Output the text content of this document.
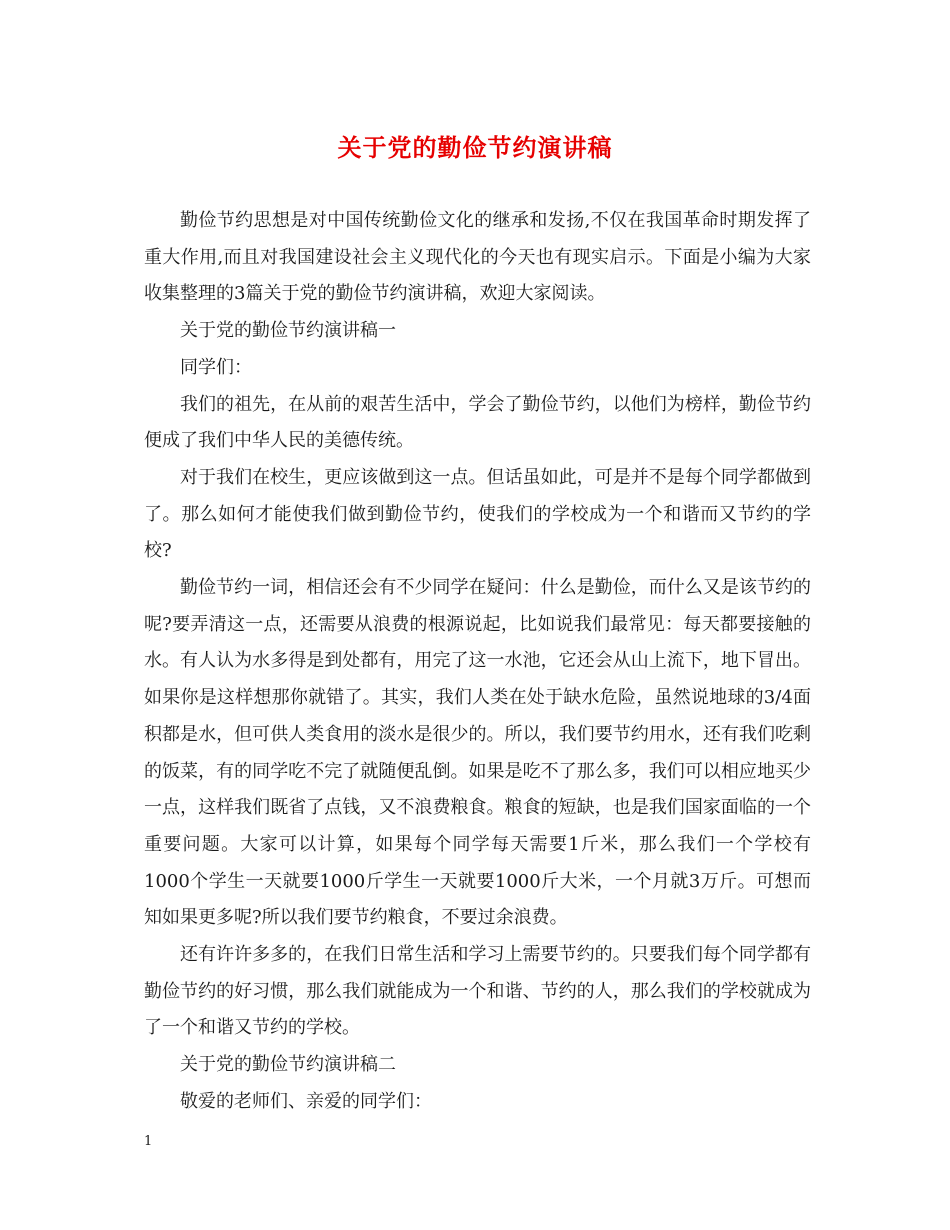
关于党的勤俭节约演讲稿

勤俭节约思想是对中国传统勤俭文化的继承和发扬,不仅在我国革命时期发挥了重大作用,而且对我国建设社会主义现代化的今天也有现实启示。下面是小编为大家收集整理的3篇关于党的勤俭节约演讲稿，欢迎大家阅读。

关于党的勤俭节约演讲稿一

同学们：

我们的祖先，在从前的艰苦生活中，学会了勤俭节约，以他们为榜样，勤俭节约便成了我们中华人民的美德传统。

对于我们在校生，更应该做到这一点。但话虽如此，可是并不是每个同学都做到了。那么如何才能使我们做到勤俭节约，使我们的学校成为一个和谐而又节约的学校?

勤俭节约一词，相信还会有不少同学在疑问：什么是勤俭，而什么又是该节约的呢?要弄清这一点，还需要从浪费的根源说起，比如说我们最常见：每天都要接触的水。有人认为水多得是到处都有，用完了这一水池，它还会从山上流下，地下冒出。如果你是这样想那你就错了。其实，我们人类在处于缺水危险，虽然说地球的3/4面积都是水，但可供人类食用的淡水是很少的。所以，我们要节约用水，还有我们吃剩的饭菜，有的同学吃不完了就随便乱倒。如果是吃不了那么多，我们可以相应地买少一点，这样我们既省了点钱，又不浪费粮食。粮食的短缺，也是我们国家面临的一个重要问题。大家可以计算，如果每个同学每天需要1斤米，那么我们一个学校有1000个学生一天就要1000斤学生一天就要1000斤大米，一个月就3万斤。可想而知如果更多呢?所以我们要节约粮食，不要过余浪费。

还有许许多多的，在我们日常生活和学习上需要节约的。只要我们每个同学都有勤俭节约的好习惯，那么我们就能成为一个和谐、节约的人，那么我们的学校就成为了一个和谐又节约的学校。

关于党的勤俭节约演讲稿二

敬爱的老师们、亲爱的同学们：

1
